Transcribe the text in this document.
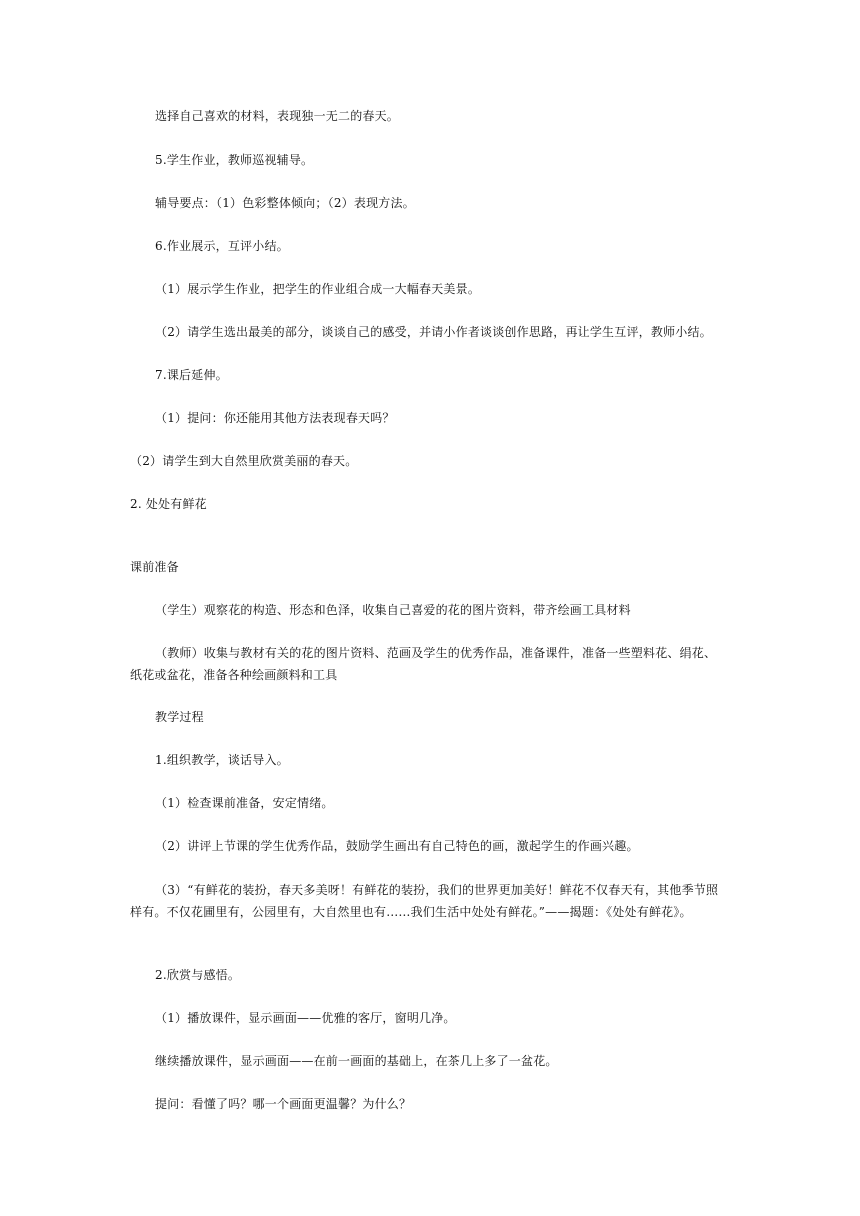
选择自己喜欢的材料，表现独一无二的春天。
5.学生作业，教师巡视辅导。
辅导要点：（1）色彩整体倾向；（2）表现方法。
6.作业展示，互评小结。
（1）展示学生作业，把学生的作业组合成一大幅春天美景。
（2）请学生选出最美的部分，谈谈自己的感受，并请小作者谈谈创作思路，再让学生互评，教师小结。
7.课后延伸。
（1）提问：你还能用其他方法表现春天吗？
（2）请学生到大自然里欣赏美丽的春天。
2. 处处有鲜花
课前准备
（学生）观察花的构造、形态和色泽，收集自己喜爱的花的图片资料，带齐绘画工具材料
（教师）收集与教材有关的花的图片资料、范画及学生的优秀作品，准备课件，准备一些塑料花、绢花、纸花或盆花，准备各种绘画颜料和工具
教学过程
1.组织教学，谈话导入。
（1）检查课前准备，安定情绪。
（2）讲评上节课的学生优秀作品，鼓励学生画出有自己特色的画，激起学生的作画兴趣。
（3）“有鲜花的装扮，春天多美呀！有鲜花的装扮，我们的世界更加美好！鲜花不仅春天有，其他季节照样有。不仅花圃里有，公园里有，大自然里也有……我们生活中处处有鲜花。”——揭题：《处处有鲜花》。
2.欣赏与感悟。
（1）播放课件，显示画面——优雅的客厅，窗明几净。
继续播放课件，显示画面——在前一画面的基础上，在茶几上多了一盆花。
提问：看懂了吗？哪一个画面更温馨？为什么？
